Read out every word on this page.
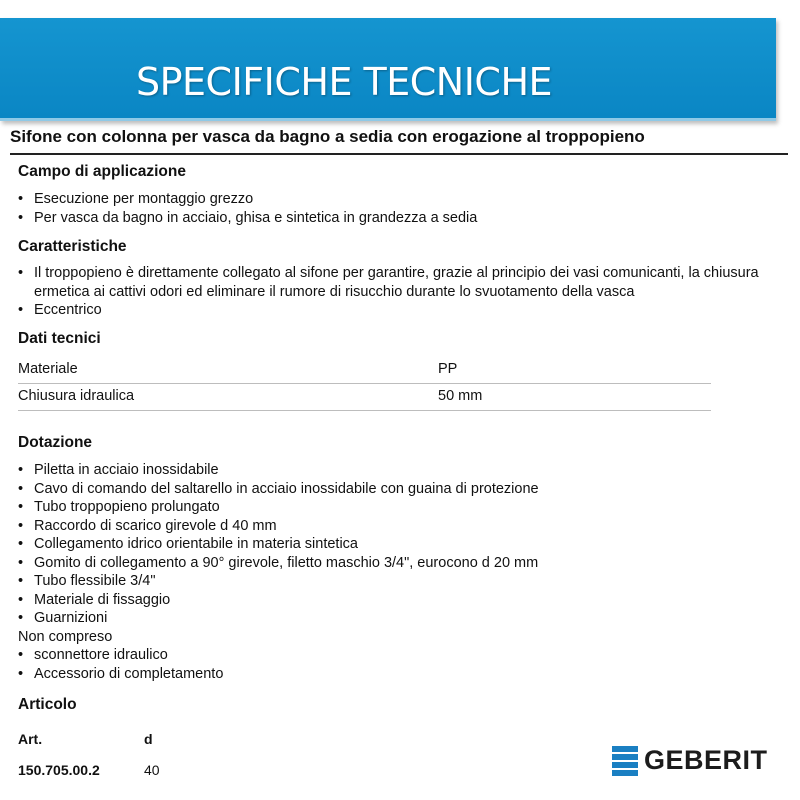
SPECIFICHE TECNICHE
Sifone con colonna per vasca da bagno a sedia con erogazione al troppopieno
Campo di applicazione
• Esecuzione per montaggio grezzo
• Per vasca da bagno in acciaio, ghisa e sintetica in grandezza a sedia
Caratteristiche
• Il troppopieno è direttamente collegato al sifone per garantire, grazie al principio dei vasi comunicanti, la chiusura ermetica ai cattivi odori ed eliminare il rumore di risucchio durante lo svuotamento della vasca
• Eccentrico
Dati tecnici
Materiale	PP
Chiusura idraulica	50 mm
Dotazione
• Piletta in acciaio inossidabile
• Cavo di comando del saltarello in acciaio inossidabile con guaina di protezione
• Tubo troppopieno prolungato
• Raccordo di scarico girevole d 40 mm
• Collegamento idrico orientabile in materia sintetica
• Gomito di collegamento a 90° girevole, filetto maschio 3/4", eurocono d 20 mm
• Tubo flessibile 3/4"
• Materiale di fissaggio
• Guarnizioni
Non compreso
• sconnettore idraulico
• Accessorio di completamento
Articolo
Art.	d
150.705.00.2	40	GEBERIT
